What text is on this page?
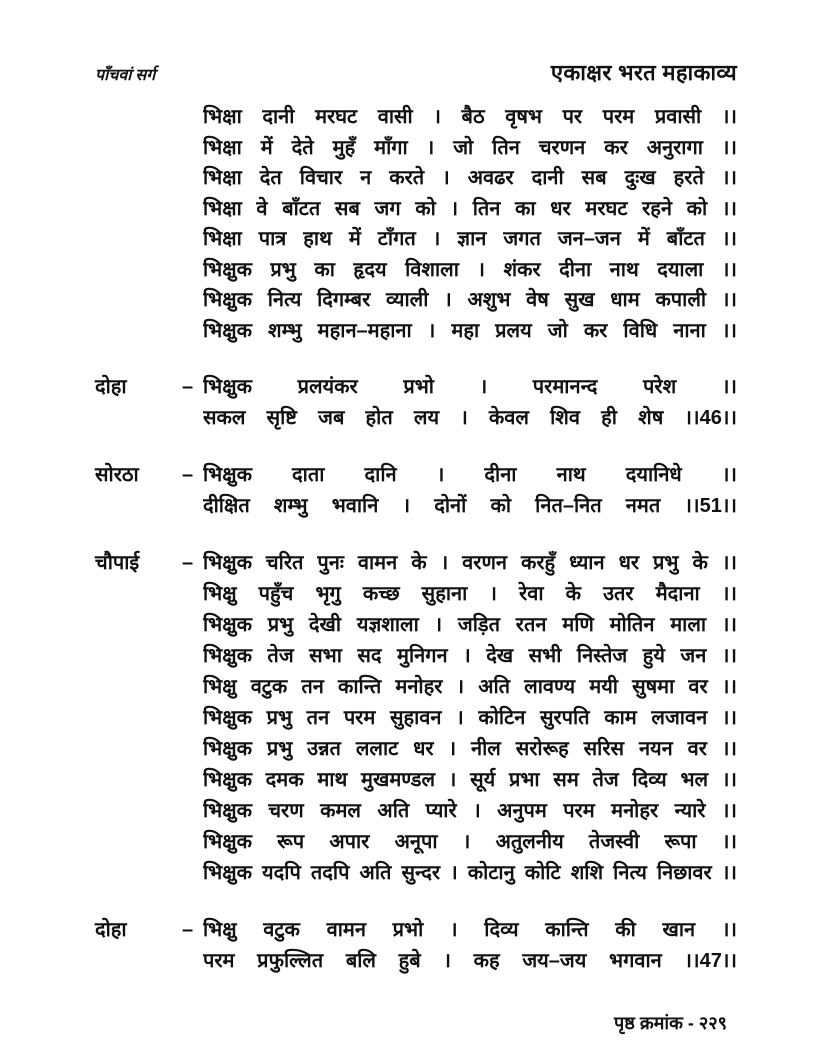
पाँचवां सर्ग	एकाक्षर भरत महाकाव्य
भिक्षा दानी मरघट वासी । बैठ वृषभ पर परम प्रवासी ।।
भिक्षा में देते मुहँ माँगा । जो तिन चरणन कर अनुरागा ।।
भिक्षा देत विचार न करते । अवढर दानी सब दुःख हरते ।।
भिक्षा वे बाँटत सब जग को । तिन का धर मरघट रहने को ।।
भिक्षा पात्र हाथ में टाँगत । ज्ञान जगत जन–जन में बाँटत ।।
भिक्षुक प्रभु का हृदय विशाला । शंकर दीना नाथ दयाला ।।
भिक्षुक नित्य दिगम्बर व्याली । अशुभ वेष सुख धाम कपाली ।।
भिक्षुक शम्भु महान–महाना । महा प्रलय जो कर विधि नाना ।।
दोहा	– भिक्षुक प्रलयंकर प्रभो । परमानन्द परेश ।।
सकल सृष्टि जब होत लय । केवल शिव ही शेष ।।46।।
सोरठा	– भिक्षुक दाता दानि । दीना नाथ दयानिधे ।।
दीक्षित शम्भु भवानि । दोनों को नित–नित नमत ।।51।।
चौपाई	– भिक्षुक चरित पुनः वामन के । वरणन करहुँ ध्यान धर प्रभु के ।।
भिक्षु पहुँच भृगु कच्छ सुहाना । रेवा के उतर मैदाना ।।
भिक्षुक प्रभु देखी यज्ञशाला । जड़ित रतन मणि मोतिन माला ।।
भिक्षुक तेज सभा सद मुनिगन । देख सभी निस्तेज हुये जन ।।
भिक्षु वटुक तन कान्ति मनोहर । अति लावण्य मयी सुषमा वर ।।
भिक्षुक प्रभु तन परम सुहावन । कोटिन सुरपति काम लजावन ।।
भिक्षुक प्रभु उन्नत ललाट धर । नील सरोरूह सरिस नयन वर ।।
भिक्षुक दमक माथ मुखमण्डल । सूर्य प्रभा सम तेज दिव्य भल ।।
भिक्षुक चरण कमल अति प्यारे । अनुपम परम मनोहर न्यारे ।।
भिक्षुक रूप अपार अनूपा । अतुलनीय तेजस्वी रूपा ।।
भिक्षुक यदपि तदपि अति सुन्दर । कोटानु कोटि शशि नित्य निछावर ।।
दोहा	– भिक्षु वटुक वामन प्रभो । दिव्य कान्ति की खान ।।
परम प्रफुल्लित बलि हुबे । कह जय–जय भगवान ।।47।।
पृष्ठ क्रमांक - २२९
